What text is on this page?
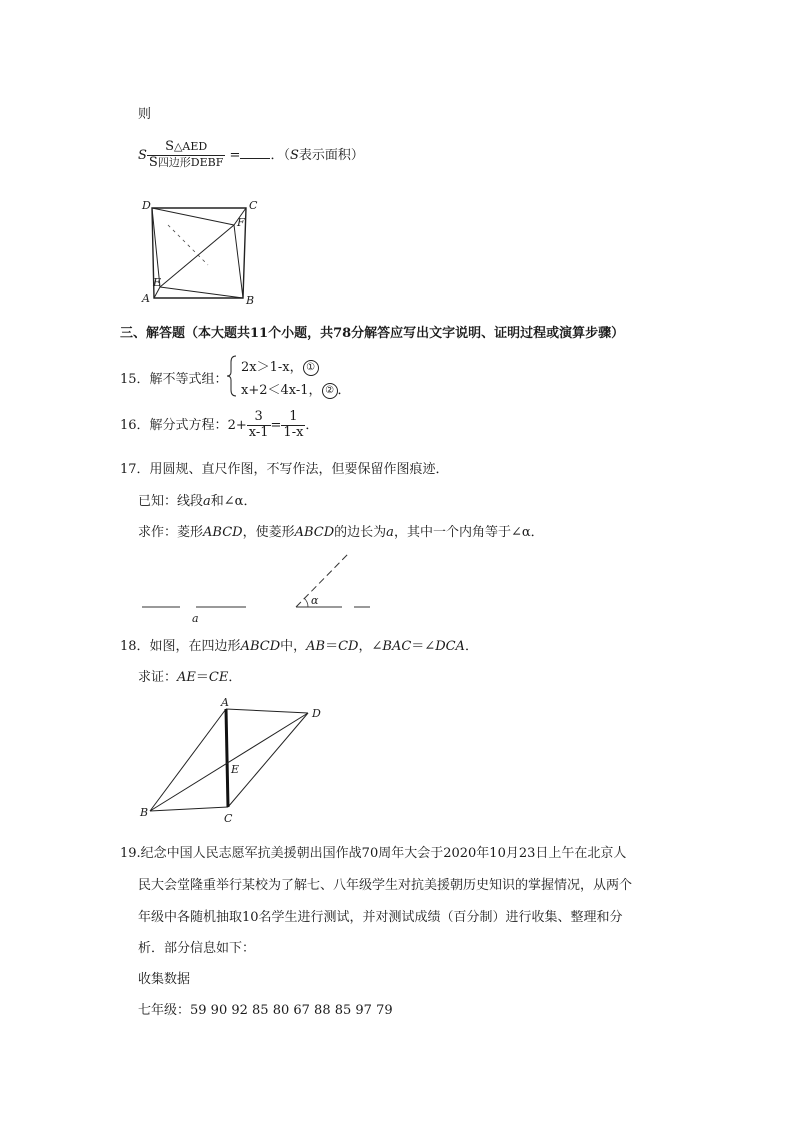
则
S $\frac{\text{S△AED}}{\text{S四边形DEBF}}$ = ．（S表示面积）
D	C
F
E
A	B
三、解答题（本大题共11个小题，共78分解答应写出文字说明、证明过程或演算步骤）
15．解不等式组：
2x＞1-x， ①
x+2＜4x-1， ② ．
16．解分式方程：$2+ \frac{3}{x-1} = \frac{1}{1-x}$ ．
17．用圆规、直尺作图，不写作法，但要保留作图痕迹．
已知：线段a和∠α．
求作：菱形ABCD，使菱形ABCD的边长为a，其中一个内角等于∠α．
a
α
18．如图，在四边形ABCD中，AB＝CD，∠BAC＝∠DCA．
求证：AE＝CE．
A
D
E
B	C
19.纪念中国人民志愿军抗美援朝出国作战70周年大会于2020年10月23日上午在北京人
民大会堂隆重举行某校为了解七、八年级学生对抗美援朝历史知识的掌握情况，从两个
年级中各随机抽取10名学生进行测试，并对测试成绩（百分制）进行收集、整理和分
析．部分信息如下：
收集数据
七年级：59 90 92 85 80 67 88 85 97 79
